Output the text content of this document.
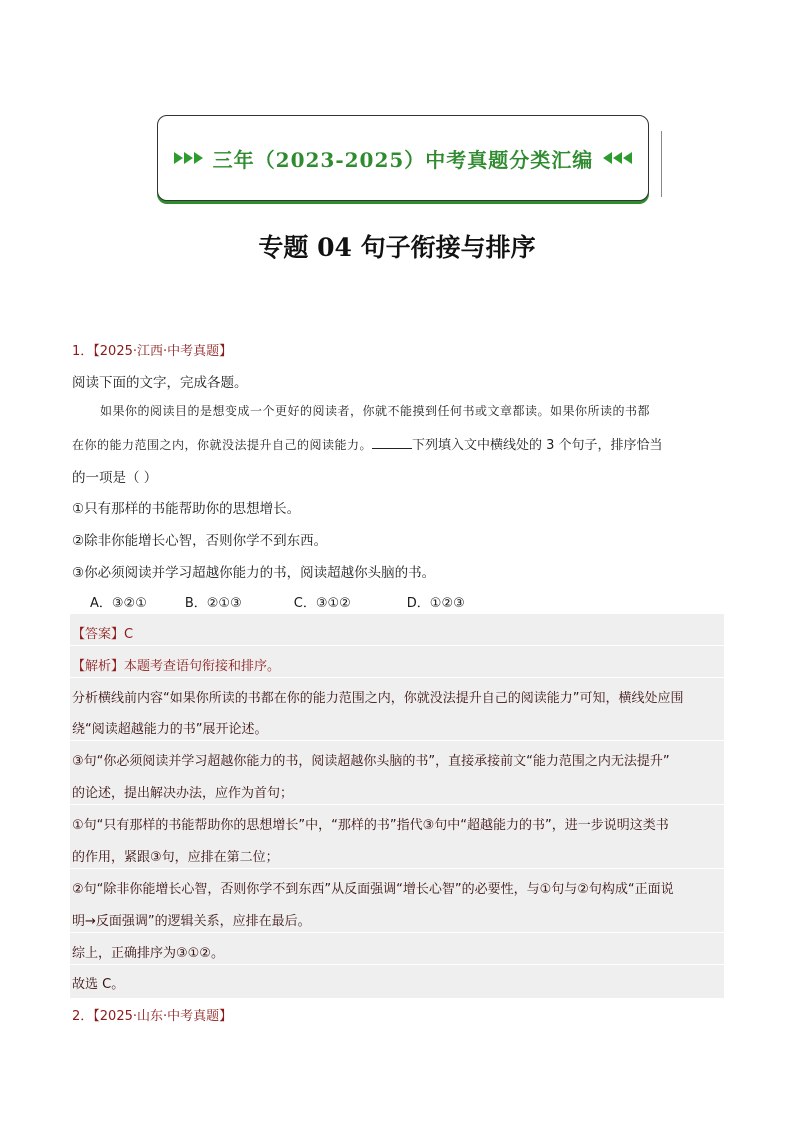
三年（2023-2025）中考真题分类汇编
专题 04 句子衔接与排序
1．【2025·江西·中考真题】
阅读下面的文字，完成各题。
如果你的阅读目的是想变成一个更好的阅读者，你就不能摸到任何书或文章都读。如果你所读的书都
在你的能力范围之内，你就没法提升自己的阅读能力。	下列填入文中横线处的 3 个句子，排序恰当
的一项是（ ）
①只有那样的书能帮助你的思想增长。
②除非你能增长心智，否则你学不到东西。
③你必须阅读并学习超越你能力的书，阅读超越你头脑的书。
A．③②①	B．②①③	C．③①②	D．①②③
【答案】C
【解析】本题考查语句衔接和排序。
分析横线前内容“如果你所读的书都在你的能力范围之内，你就没法提升自己的阅读能力”可知，横线处应围
绕“阅读超越能力的书”展开论述。
③句“你必须阅读并学习超越你能力的书，阅读超越你头脑的书”，直接承接前文“能力范围之内无法提升”
的论述，提出解决办法，应作为首句；
①句“只有那样的书能帮助你的思想增长”中，“那样的书”指代③句中“超越能力的书”，进一步说明这类书
的作用，紧跟③句，应排在第二位；
②句“除非你能增长心智，否则你学不到东西”从反面强调“增长心智”的必要性，与①句与②句构成“正面说
明→反面强调”的逻辑关系，应排在最后。
综上，正确排序为③①②。
故选 C。
2．【2025·山东·中考真题】
